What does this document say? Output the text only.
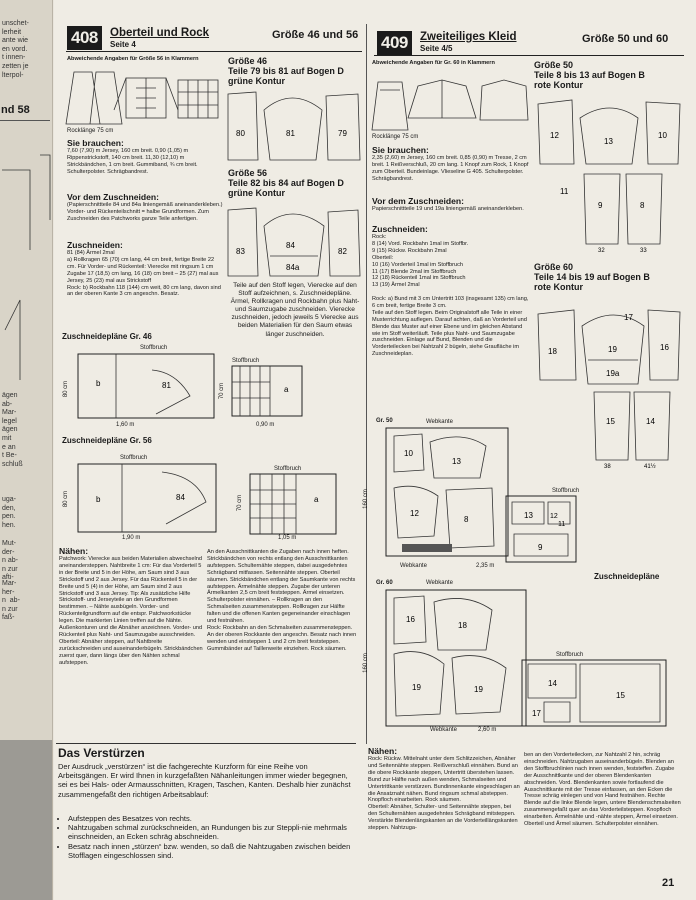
unschet-
lerheit
ante wie
en vord.
t innen-
zetten je
lterpol-
nd 58
ägen
ab-
Mar-
legel
ägen
mit
e an
t Be-
schluß
uga-
den,
pen.
hen.
Mut-
der-
n ab-
n zur
afti-
Mar-
her-
n  ab-
n zur
faß-
408	Oberteil und Rock
Seite 4
Größe 46 und 56
Abweichende Angaben für Größe 56 in Klammern
Rocklänge 75 cm
Sie brauchen:
7,60 (7,90) m Jersey, 160 cm breit. 0,90 (1,05) m Rippenstrickstoff, 140 cm breit. 11,30 (12,10) m Strickbändchen, 1 cm breit. Gummiband, ¾ cm breit. Schulterpolster. Schrägbandrest.
Vor dem Zuschneiden:
(Papierschnittteile 84 und 84a liniengemäß aneinanderkleben.) Vorder- und Rückenteilschnitt = halbe Grundformen. Zum Zuschneiden des Patchworks ganze Teile anfertigen.
Zuschneiden:
81 (84) Ärmel 2mal
a) Rollkragen 65 (70) cm lang, 44 cm breit, fertige Breite 22 cm. Für Vorder- und Rückenteil: Vierecke mit ringsum 1 cm Zugabe 17 (18,5) cm lang, 16 (18) cm breit – 25 (27) mal aus Jersey, 25 (23) mal aus Strickstoff
Rock: b) Rockbahn 118 (144) cm weit, 80 cm lang, davon sind an der oberen Kante 3 cm angeschn. Besatz.
Größe 46
Teile 79 bis 81 auf Bogen D
grüne Kontur
80	81	79
Größe 56
Teile 82 bis 84 auf Bogen D
grüne Kontur
83
84
84a
82
Teile auf den Stoff legen, Vierecke auf den Stoff aufzeichnen, s. Zuschneidepläne. Ärmel, Rollkragen und Rockbahn plus Naht- und Saumzugabe zuschneiden. Vierecke zuschneiden, jedoch jeweils 5 Vierecke aus beiden Materialien für den Saum etwas länger zuschneiden.
Zuschneidepläne Gr. 46
Stoffbruch
b	81
80 cm
1,60 m
Stoffbruch
a
70 cm
0,90 m
Zuschneidepläne Gr. 56
Stoffbruch
b	84
80 cm
1,90 m
Stoffbruch
a
70 cm
1,05 m
Nähen:
Patchwork: Vierecke aus beiden Materialien abwechselnd aneinandersteppen. Nahtbreite 1 cm: Für das Vorderteil 5 in der Breite und 5 in der Höhe, am Saum sind 3 aus Strickstoff und 2 aus Jersey. Für das Rückenteil 5 in der Breite und 5 (4) in der Höhe, am Saum sind 2 aus Strickstoff und 3 aus Jersey. Tip: Als zusätzliche Hilfe Strickstoff- und Jerseyteile an den Grundformen bestimmen. – Nähte ausbügeln. Vorder- und Rückenteilgrundform auf die entspr. Patchworkstücke legen. Die markierten Linien treffen auf die Nähte. Außenkonturen und die Abnäher anzeichnen. Vorder- und Rückenteil plus Naht- und Saumzugabe ausschneiden.
Oberteil: Abnäher steppen, auf Nahtbreite zurückschneiden und auseinanderbügeln. Strickbändchen zuerst quer, dann längs über den Nähten schmal aufsteppen.
An den Ausschnittkanten die Zugaben nach innen heften. Strickbändchen von rechts entlang den Ausschnittkanten aufsteppen. Schulternähte steppen, dabei ausgedehntes Schrägband mitfassen. Seitennähte steppen. Oberteil säumen. Strickbändchen entlang der Saumkante von rechts aufsteppen. Ärmelnähte steppen. Zugabe der unteren Ärmelkanten 2,5 cm breit feststeppen. Ärmel einsetzen. Schulterpolster einnähen. – Rollkragen an den Schmalseiten zusammensteppen. Rollkragen zur Hälfte falten und die offenen Kanten gegeneinander einschlagen und festnähen.
Rock: Rockbahn an den Schmalseiten zusammensteppen. An der oberen Rockkante den angeschn. Besatz nach innen wenden und einsteppen 1 und 2 cm breit feststeppen. Gummibänder auf Taillenweite einziehen. Rock säumen.
409	Zweiteiliges Kleid
Seite 4/5
Größe 50 und 60
Abweichende Angaben für Gr. 60 in Klammern
Rocklänge 75 cm
Sie brauchen:
2,35 (2,60) m Jersey, 160 cm breit. 0,85 (0,90) m Tresse, 2 cm breit. 1 Reißverschluß, 20 cm lang. 1 Knopf zum Rock, 1 Knopf zum Oberteil. Bundeinlage. Vlieseline G 405. Schulterpolster. Schrägbandrest.
Vor dem Zuschneiden:
Papierschnittteile 19 und 19a liniengemäß aneinanderkleben.
Zuschneiden:
Rock:
8 (14) Vord. Rockbahn 1mal im Stoffbr.
9 (15) Rückw. Rockbahn 2mal
Oberteil:
10 (16) Vorderteil 1mal im Stoffbruch
11 (17) Blende 2mal im Stoffbruch
12 (18) Rückenteil 1mal im Stoffbruch
13 (19) Ärmel 2mal
Rock: a) Bund mit 3 cm Untertritt 103 (insgesamt 135) cm lang, 6 cm breit, fertige Breite 3 cm.
Teile auf den Stoff legen. Beim Originalstoff alle Teile in einer Musterrichtung auflegen. Darauf achten, daß an Vorderteil und Blende das Muster auf einer Ebene und im gleichen Abstand wie im Stoff weiterläuft. Teile plus Naht- und Saumzugabe zuschneiden. Einlage auf Bund, Blenden und die Vorderteilecken bei Nahtzahl 2 bügeln, siehe Graufläche im Zuschneideplan.
Größe 50
Teile 8 bis 13 auf Bogen B
rote Kontur
12
13
10
9	8
11
32	33
Größe 60
Teile 14 bis 19 auf Bogen B
rote Kontur
17
18	19
19a
16
15	14
38	41½
Gr. 50	Webkante
10
13
12
8
160 cm
Webkante
Stoffbruch
13 12
11
9
2,35 m
Zuschneidepläne
Gr. 60	Webkante
16
18
19	19
160 cm
Webkante
Stoffbruch
14
17
15
2,60 m
Das Verstürzen
Der Ausdruck „verstürzen“ ist die fachgerechte Kurzform für eine Reihe von Arbeitsgängen. Er wird Ihnen in kurzgefaßten Nähanleitungen immer wieder begegnen, sei es bei Hals- oder Armausschnitten, Kragen, Taschen, Kanten. Deshalb hier zunächst zusammengefaßt den richtigen Arbeitsablauf:
• Aufsteppen des Besatzes von rechts.
• Nahtzugaben schmal zurückschneiden, an Rundungen bis zur Steppli-nie mehrmals einschneiden, an Ecken schräg abschneiden.
• Besatz nach innen „stürzen“ bzw. wenden, so daß die Nahtzugaben zwischen beiden Stofflagen eingeschlossen sind.
Nähen:
Rock: Rückw. Mittelnaht unter dem Schlitzzeichen, Abnäher und Seitennähte steppen. Reißverschluß einnähen. Bund an die obere Rockkante steppen, Untertritt überstehen lassen. Bund zur Hälfte nach außen wenden, Schmalseiten und Untertrittkante verstürzen. Bundinnenkante eingeschlagen an die Ansatznaht nähen. Bund ringsum schmal absteppen. Knopfloch einarbeiten. Rock säumen.
Oberteil: Abnäher, Schulter- und Seitennähte steppen, bei den Schulternähten ausgedehntes Schrägband mitsteppen. Verstärkte Blendenlängskanten an die Vorderteillängskanten steppen. Nahtzuga-
ben an den Vorderteilecken, zur Nahtzahl 2 hin, schräg einschneiden. Nahtzugaben auseinanderbügeln. Blenden an den Stoffbruchlinien nach innen wenden, feststeffen. Zugabe der Ausschnittkante und der oberen Blendenkanten abschneiden. Vord. Blendenkanten sowie fortlaufend die Ausschnittkante mit der Tresse einfassen, an den Ecken die Tresse schräg einlegen und von Hand festnähen. Rechte Blende auf die linke Blende legen, untere Blendenschmalseiten zusammengefaßt quer an das Vorderteilsteppen. Knopfloch einarbeiten. Ärmelnähte und -nähte steppen, Ärmel einsetzen. Oberteil und Ärmel säumen. Schulterpolster einnähen.
21
